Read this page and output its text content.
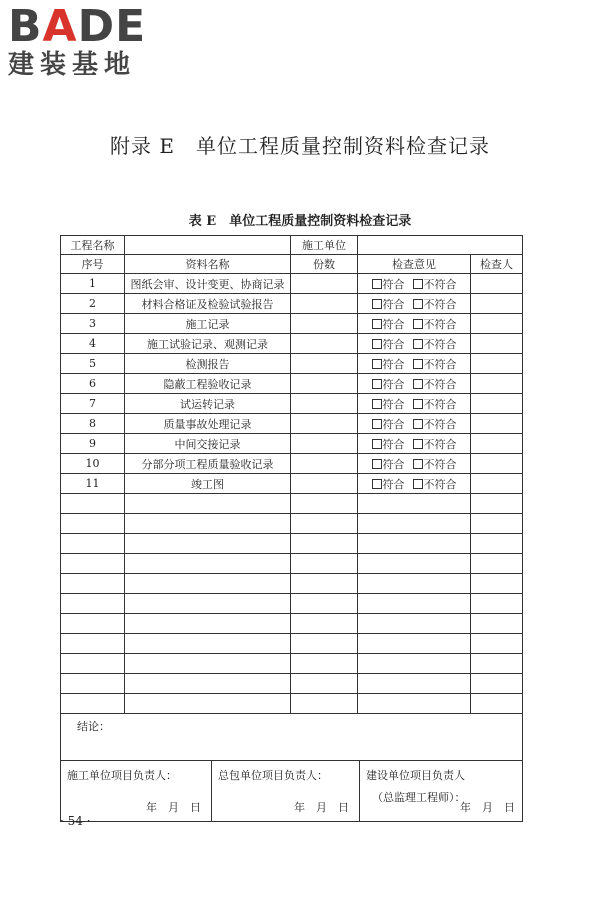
BADE
建装基地
附录 E　单位工程质量控制资料检查记录
表 E　单位工程质量控制资料检查记录
工程名称		施工单位	
序号	资料名称	份数	检查意见	检查人
1	图纸会审、设计变更、协商记录		符合 不符合	
2	材料合格证及检验试验报告		符合 不符合	
3	施工记录		符合 不符合	
4	施工试验记录、观测记录		符合 不符合	
5	检测报告		符合 不符合	
6	隐蔽工程验收记录		符合 不符合	
7	试运转记录		符合 不符合	
8	质量事故处理记录		符合 不符合	
9	中间交接记录		符合 不符合	
10	分部分项工程质量验收记录		符合 不符合	
11	竣工图		符合 不符合	

结论：

施工单位项目负责人：
年　月　日

总包单位项目负责人：
年　月　日

建设单位项目负责人
（总监理工程师）：
年　月　日
· 54 ·
